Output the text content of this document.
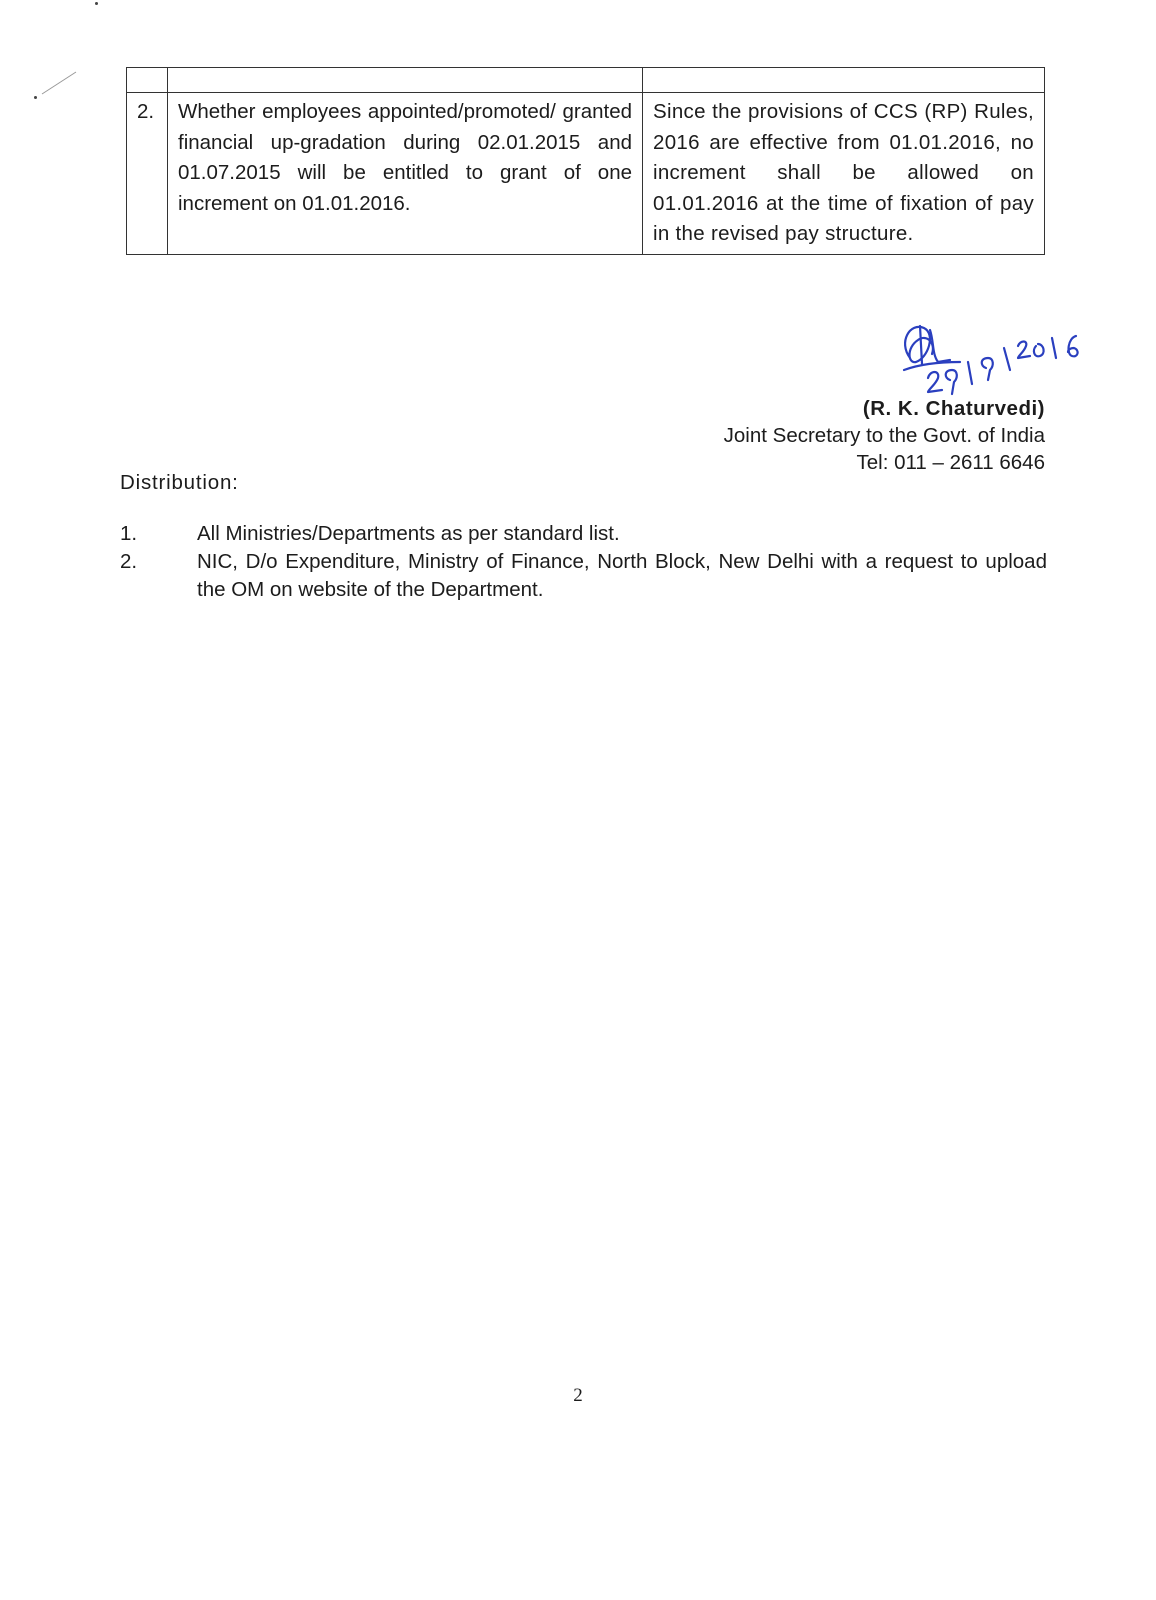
2.	Whether employees appointed/promoted/ granted financial up-gradation during 02.01.2015 and 01.07.2015 will be entitled to grant of one increment on 01.01.2016.	Since the provisions of CCS (RP) Rules, 2016 are effective from 01.01.2016, no increment shall be allowed on 01.01.2016 at the time of fixation of pay in the revised pay structure.
(R. K. Chaturvedi)
Joint Secretary to the Govt. of India
Tel: 011 – 2611 6646
Distribution:
1.	All Ministries/Departments as per standard list.
2.	NIC, D/o Expenditure, Ministry of Finance, North Block, New Delhi with a request to upload the OM on website of the Department.
2
